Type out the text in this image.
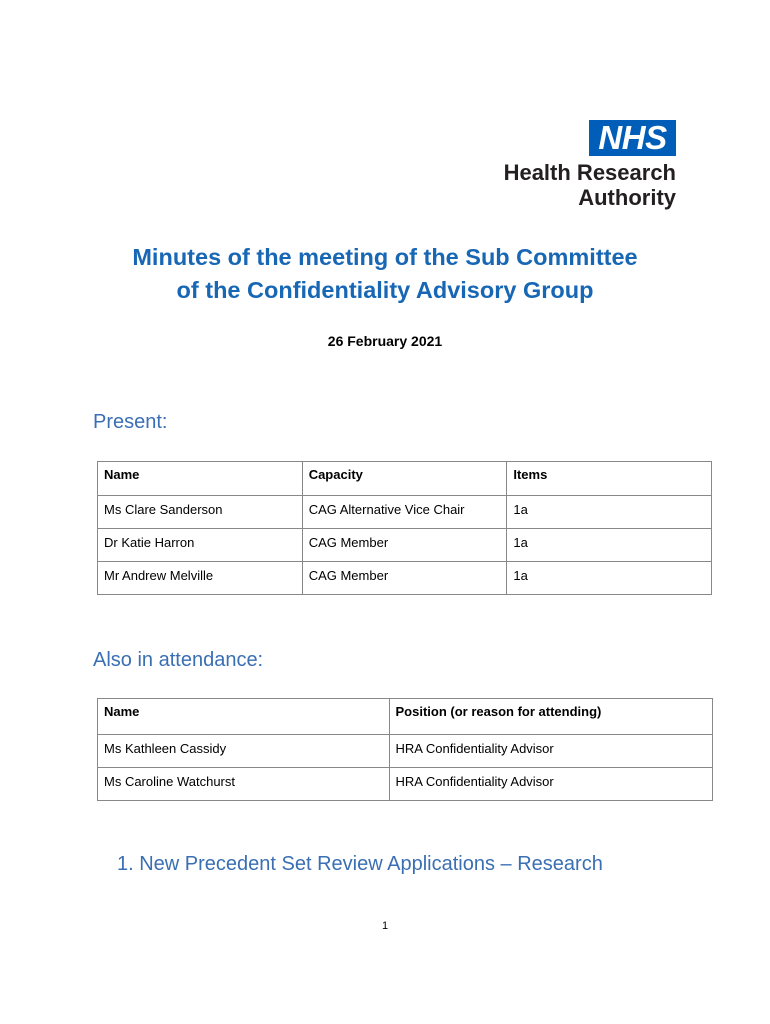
NHS
Health Research
Authority
Minutes of the meeting of the Sub Committee
of the Confidentiality Advisory Group
26 February 2021
Present:
Name	Capacity	Items
Ms Clare Sanderson	CAG Alternative Vice Chair	1a
Dr Katie Harron	CAG Member	1a
Mr Andrew Melville	CAG Member	1a
Also in attendance:
Name	Position (or reason for attending)
Ms Kathleen Cassidy	HRA Confidentiality Advisor
Ms Caroline Watchurst	HRA Confidentiality Advisor
1. New Precedent Set Review Applications – Research
1
